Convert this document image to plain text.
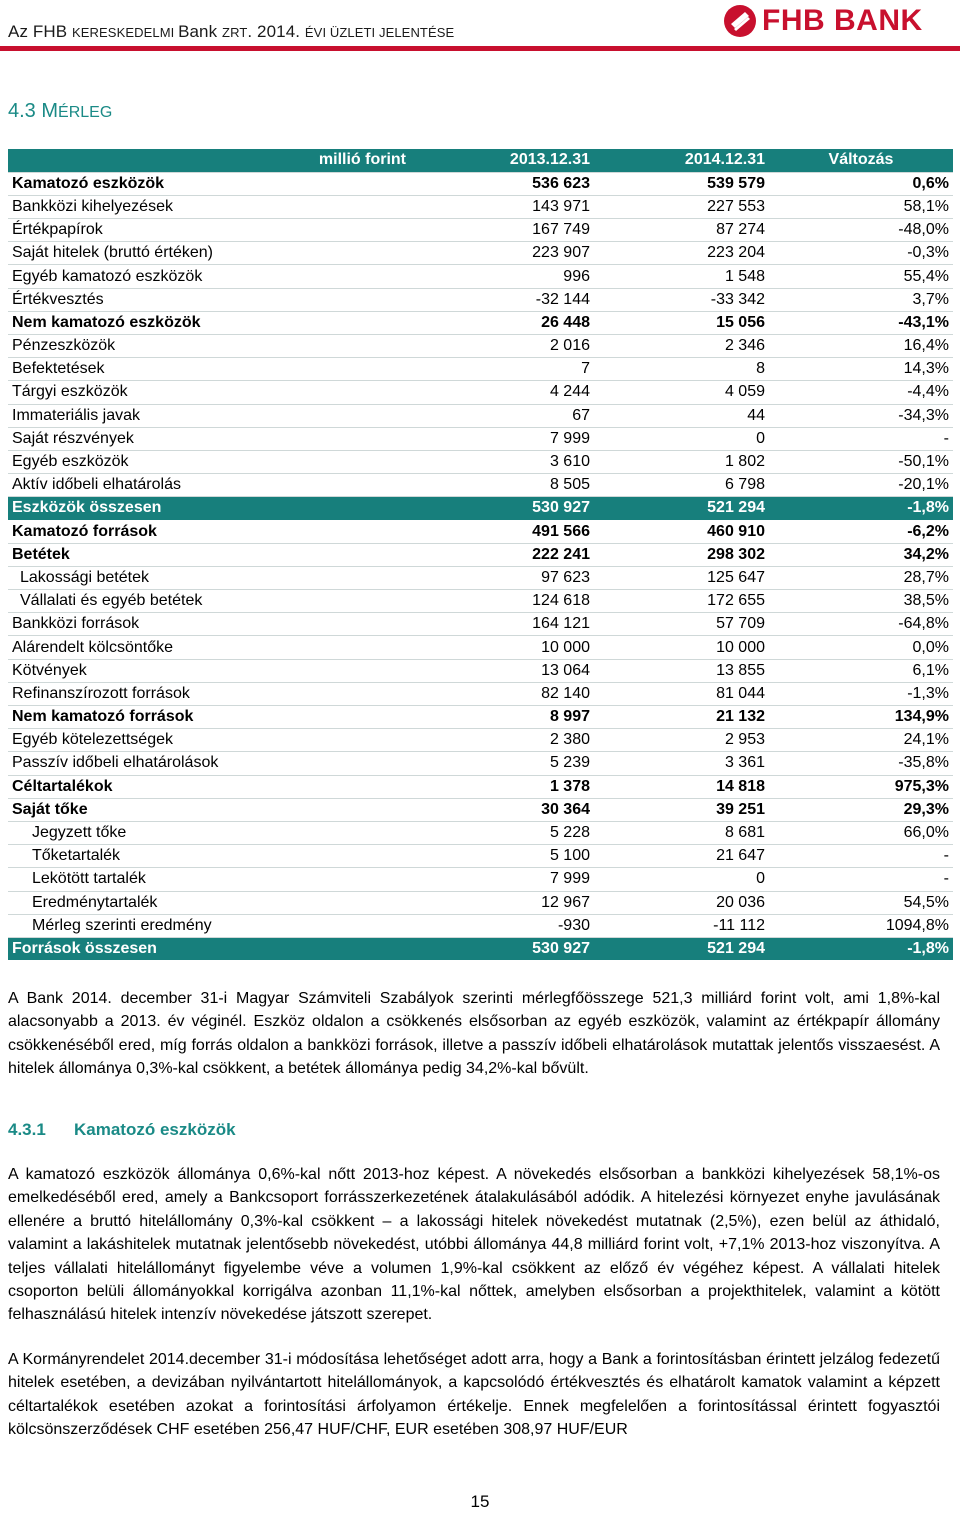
Az FHB KERESKEDELMI Bank ZRT. 2014. ÉVI ÜZLETI JELENTÉSE	FHB BANK
4.3 MÉRLEG
millió forint	2013.12.31	2014.12.31	Változás
Kamatozó eszközök	536 623	539 579	0,6%
Bankközi kihelyezések	143 971	227 553	58,1%
Értékpapírok	167 749	87 274	-48,0%
Saját hitelek (bruttó értéken)	223 907	223 204	-0,3%
Egyéb kamatozó eszközök	996	1 548	55,4%
Értékvesztés	-32 144	-33 342	3,7%
Nem kamatozó eszközök	26 448	15 056	-43,1%
Pénzeszközök	2 016	2 346	16,4%
Befektetések	7	8	14,3%
Tárgyi eszközök	4 244	4 059	-4,4%
Immateriális javak	67	44	-34,3%
Saját részvények	7 999	0	-
Egyéb eszközök	3 610	1 802	-50,1%
Aktív időbeli elhatárolás	8 505	6 798	-20,1%
Eszközök összesen	530 927	521 294	-1,8%
Kamatozó források	491 566	460 910	-6,2%
Betétek	222 241	298 302	34,2%
Lakossági betétek	97 623	125 647	28,7%
Vállalati és egyéb betétek	124 618	172 655	38,5%
Bankközi források	164 121	57 709	-64,8%
Alárendelt kölcsöntőke	10 000	10 000	0,0%
Kötvények	13 064	13 855	6,1%
Refinanszírozott források	82 140	81 044	-1,3%
Nem kamatozó források	8 997	21 132	134,9%
Egyéb kötelezettségek	2 380	2 953	24,1%
Passzív időbeli elhatárolások	5 239	3 361	-35,8%
Céltartalékok	1 378	14 818	975,3%
Saját tőke	30 364	39 251	29,3%
Jegyzett tőke	5 228	8 681	66,0%
Tőketartalék	5 100	21 647	-
Lekötött tartalék	7 999	0	-
Eredménytartalék	12 967	20 036	54,5%
Mérleg szerinti eredmény	-930	-11 112	1094,8%
Források összesen	530 927	521 294	-1,8%

A Bank 2014. december 31-i Magyar Számviteli Szabályok szerinti mérlegfőösszege 521,3 milliárd forint volt, ami 1,8%-kal alacsonyabb a 2013. év véginél. Eszköz oldalon a csökkenés elsősorban az egyéb eszközök, valamint az értékpapír állomány csökkenéséből ered, míg forrás oldalon a bankközi források, illetve a passzív időbeli elhatárolások mutattak jelentős visszaesést. A hitelek állománya 0,3%-kal csökkent, a betétek állománya pedig 34,2%-kal bővült.

4.3.1 Kamatozó eszközök

A kamatozó eszközök állománya 0,6%-kal nőtt 2013-hoz képest. A növekedés elsősorban a bankközi kihelyezések 58,1%-os emelkedéséből ered, amely a Bankcsoport forrásszerkezetének átalakulásából adódik. A hitelezési környezet enyhe javulásának ellenére a bruttó hitelállomány 0,3%-kal csökkent – a lakossági hitelek növekedést mutatnak (2,5%), ezen belül az áthidaló, valamint a lakáshitelek mutatnak jelentősebb növekedést, utóbbi állománya 44,8 milliárd forint volt, +7,1% 2013-hoz viszonyítva. A teljes vállalati hitelállományt figyelembe véve a volumen 1,9%-kal csökkent az előző év végéhez képest. A vállalati hitelek csoporton belüli állományokkal korrigálva azonban 11,1%-kal nőttek, amelyben elsősorban a projekthitelek, valamint a kötött felhasználású hitelek intenzív növekedése játszott szerepet.

A Kormányrendelet 2014.december 31-i módosítása lehetőséget adott arra, hogy a Bank a forintosításban érintett jelzálog fedezetű hitelek esetében, a devizában nyilvántartott hitelállományok, a kapcsolódó értékvesztés és elhatárolt kamatok valamint a képzett céltartalékok esetében azokat a forintosítási árfolyamon értékelje. Ennek megfelelően a forintosítással érintett fogyasztói kölcsönszerződések CHF esetében 256,47 HUF/CHF, EUR esetében 308,97 HUF/EUR

15
